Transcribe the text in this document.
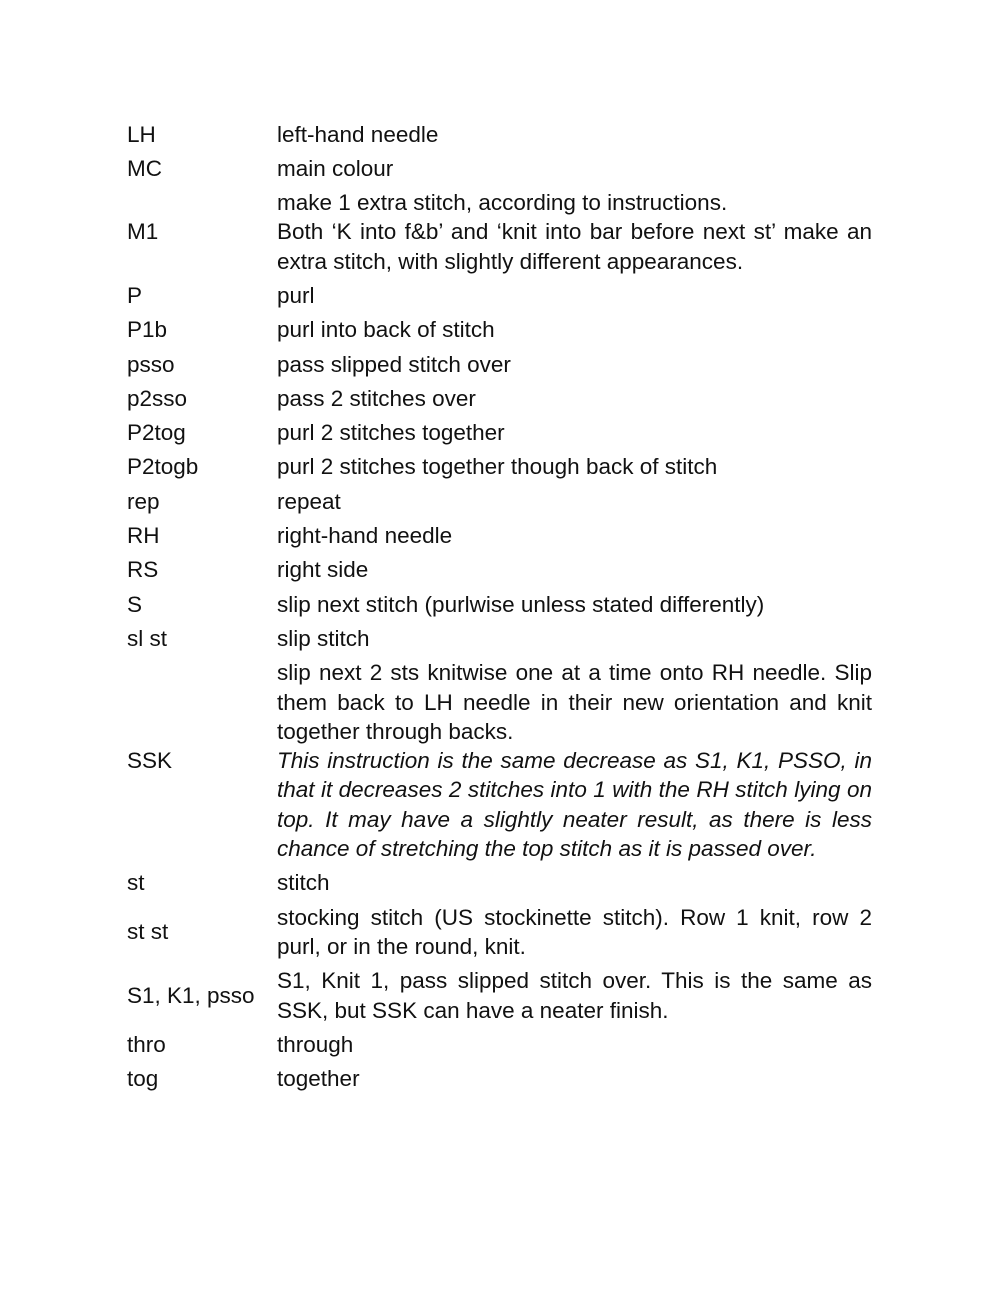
LH	left-hand needle
MC	main colour
M1	make 1 extra stitch, according to instructions.
Both ‘K into f&b’ and ‘knit into bar before next st’ make an extra stitch, with slightly different appearances.

P	purl
P1b	purl into back of stitch
psso	pass slipped stitch over
p2sso	pass 2 stitches over
P2tog	purl 2 stitches together
P2togb	purl 2 stitches together though back of stitch
rep	repeat
RH	right-hand needle
RS	right side
S	slip next stitch (purlwise unless stated differently)
sl st	slip stitch
SSK	slip next 2 sts knitwise one at a time onto RH needle. Slip them back to LH needle in their new orientation and knit together through backs.
This instruction is the same decrease as S1, K1, PSSO, in that it decreases 2 stitches into 1 with the RH stitch lying on top. It may have a slightly neater result, as there is less chance of stretching the top stitch as it is passed over.

st	stitch
st st	stocking stitch (US stockinette stitch). Row 1 knit, row 2 purl, or in the round, knit.
S1, K1, psso	S1, Knit 1, pass slipped stitch over. This is the same as SSK, but SSK can have a neater finish.
thro	through
tog	together
